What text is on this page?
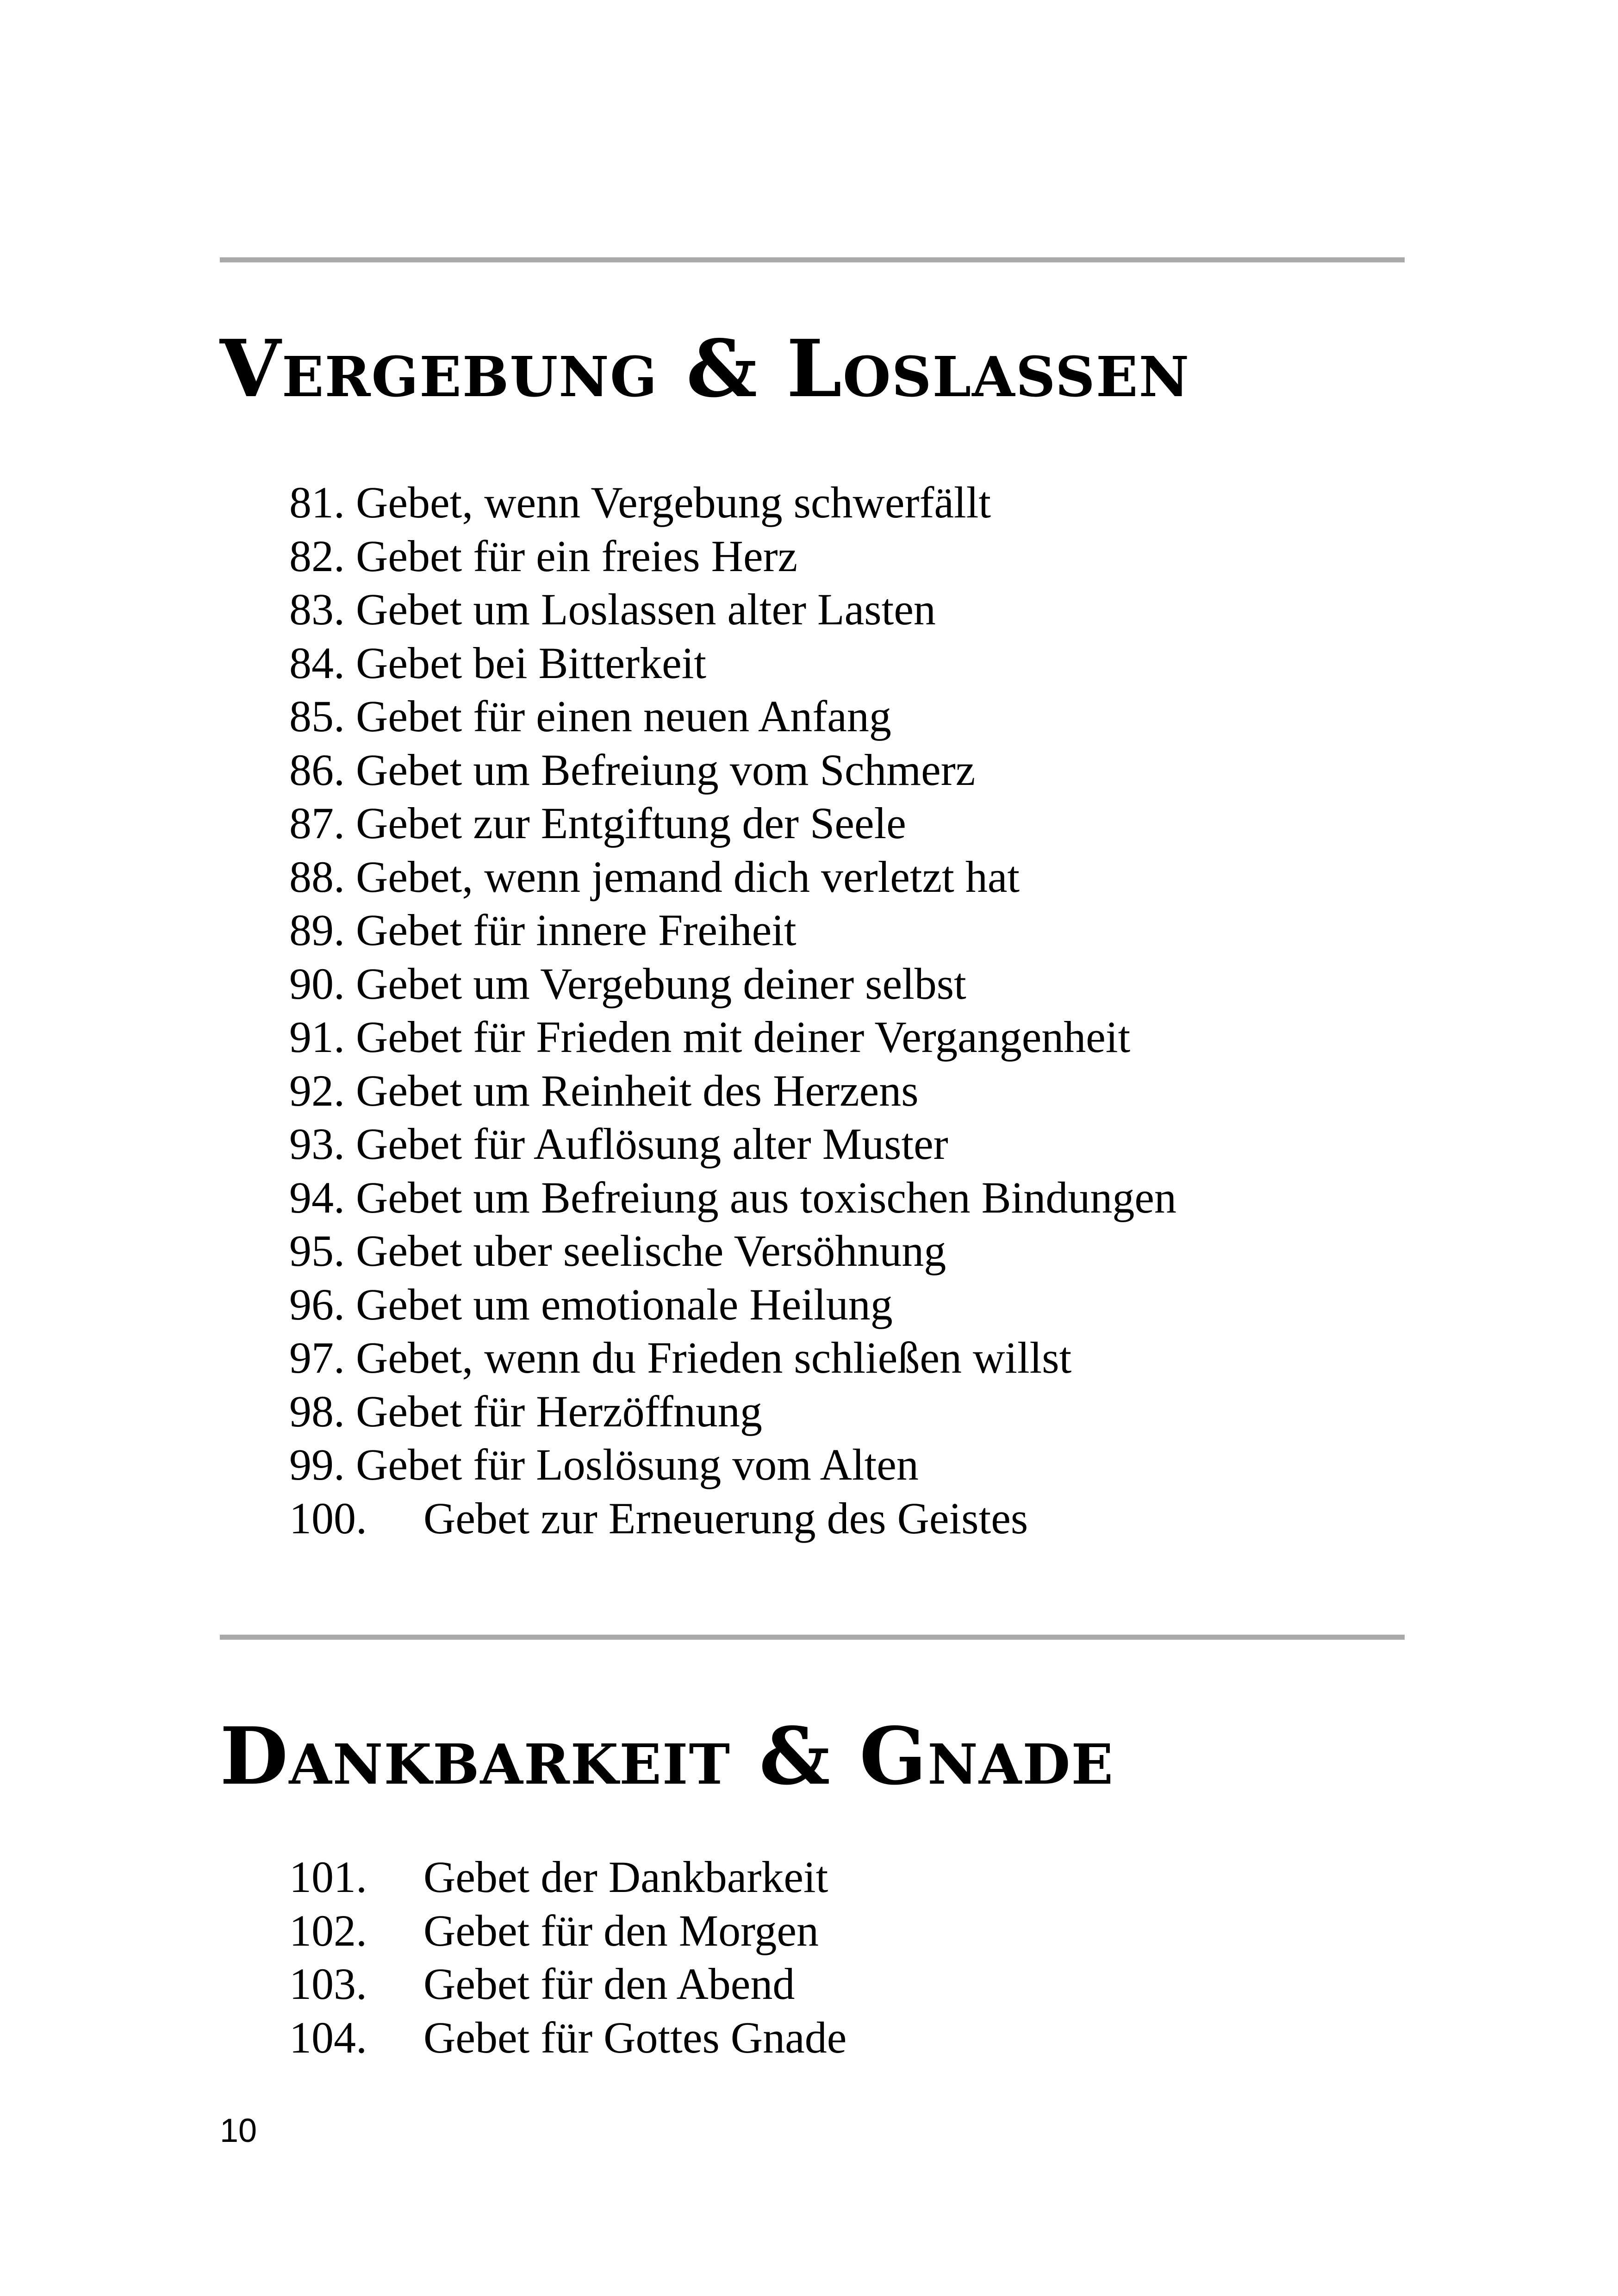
Vergebung & Loslassen
81. Gebet, wenn Vergebung schwerfällt
82. Gebet für ein freies Herz
83. Gebet um Loslassen alter Lasten
84. Gebet bei Bitterkeit
85. Gebet für einen neuen Anfang
86. Gebet um Befreiung vom Schmerz
87. Gebet zur Entgiftung der Seele
88. Gebet, wenn jemand dich verletzt hat
89. Gebet für innere Freiheit
90. Gebet um Vergebung deiner selbst
91. Gebet für Frieden mit deiner Vergangenheit
92. Gebet um Reinheit des Herzens
93. Gebet für Auflösung alter Muster
94. Gebet um Befreiung aus toxischen Bindungen
95. Gebet uber seelische Versöhnung
96. Gebet um emotionale Heilung
97. Gebet, wenn du Frieden schließen willst
98. Gebet für Herzöffnung
99. Gebet für Loslösung vom Alten
100. Gebet zur Erneuerung des Geistes
Dankbarkeit & Gnade
101. Gebet der Dankbarkeit
102. Gebet für den Morgen
103. Gebet für den Abend
104. Gebet für Gottes Gnade
10
